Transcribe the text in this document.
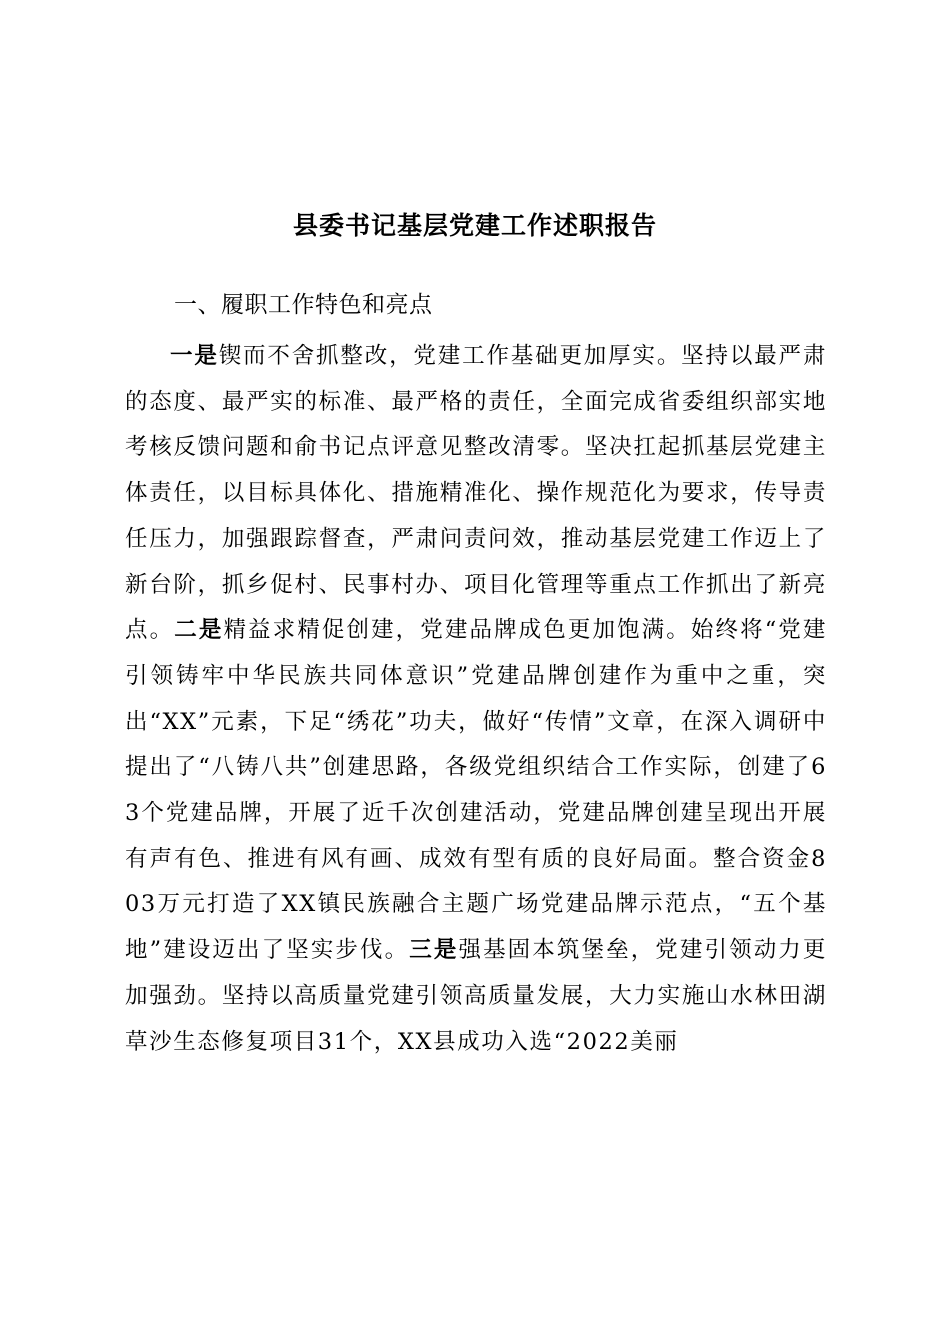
县委书记基层党建工作述职报告
一、履职工作特色和亮点

一是锲而不舍抓整改，党建工作基础更加厚实。坚持以最严肃的态度、最严实的标准、最严格的责任，全面完成省委组织部实地考核反馈问题和俞书记点评意见整改清零。坚决扛起抓基层党建主体责任，以目标具体化、措施精准化、操作规范化为要求，传导责任压力，加强跟踪督查，严肃问责问效，推动基层党建工作迈上了新台阶，抓乡促村、民事村办、项目化管理等重点工作抓出了新亮点。二是精益求精促创建，党建品牌成色更加饱满。始终将“党建引领铸牢中华民族共同体意识”党建品牌创建作为重中之重，突出“XX”元素，下足“绣花”功夫，做好“传情”文章，在深入调研中提出了“八铸八共”创建思路，各级党组织结合工作实际，创建了63个党建品牌，开展了近千次创建活动，党建品牌创建呈现出开展有声有色、推进有风有画、成效有型有质的良好局面。整合资金803万元打造了XX镇民族融合主题广场党建品牌示范点，“五个基地”建设迈出了坚实步伐。三是强基固本筑堡垒，党建引领动力更加强劲。坚持以高质量党建引领高质量发展，大力实施山水林田湖草沙生态修复项目31个，XX县成功入选“2022美丽
